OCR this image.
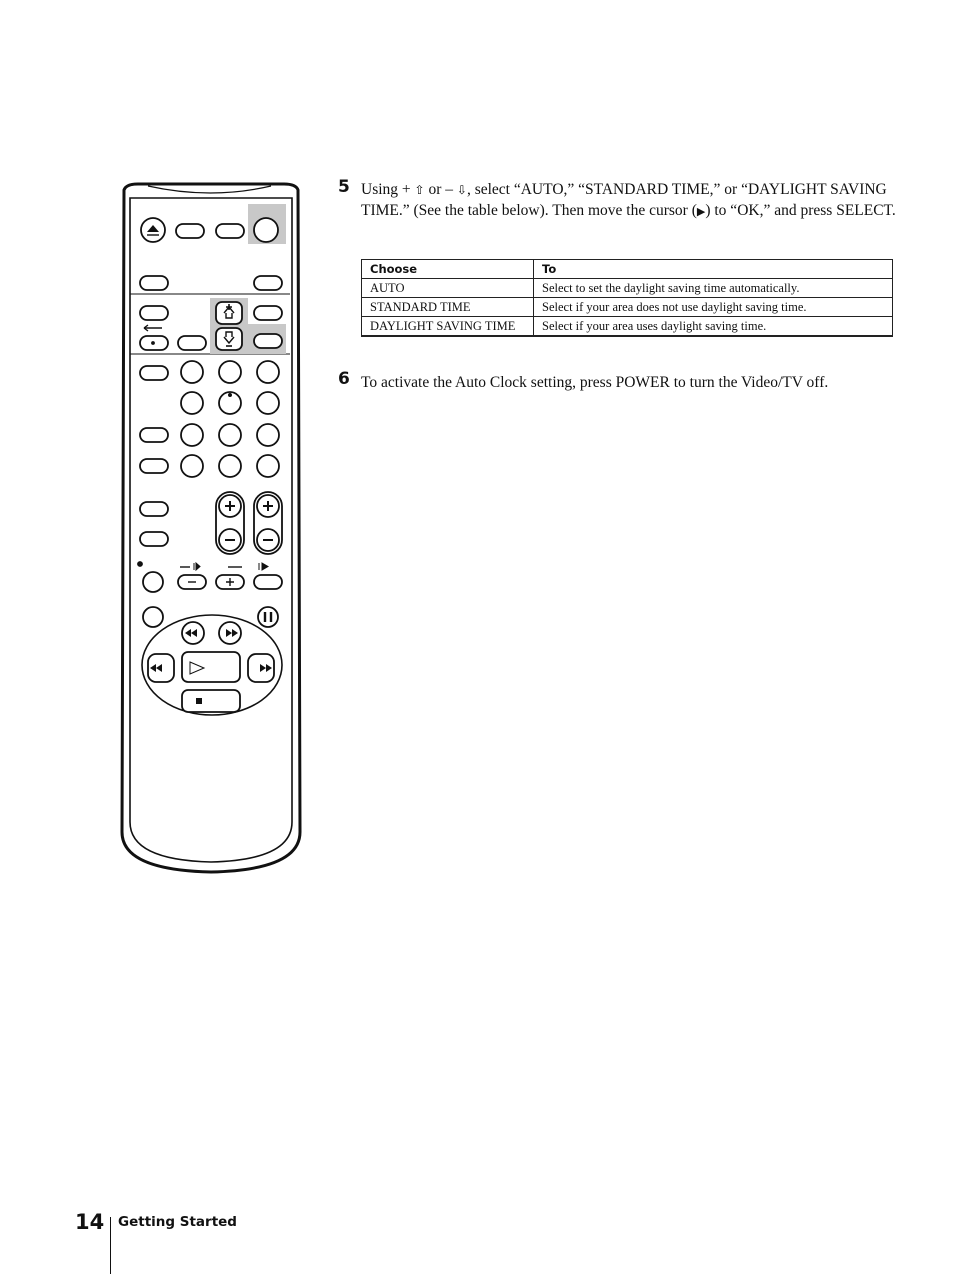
5 Using + ⇧ or – ⇩, select “AUTO,” “STANDARD TIME,” or “DAYLIGHT SAVING TIME.” (See the table below). Then move the cursor (▶) to “OK,” and press SELECT.
Choose	To
AUTO	Select to set the daylight saving time automatically.
STANDARD TIME	Select if your area does not use daylight saving time.
DAYLIGHT SAVING TIME	Select if your area uses daylight saving time.
6 To activate the Auto Clock setting, press POWER to turn the Video/TV off.
14 Getting Started
